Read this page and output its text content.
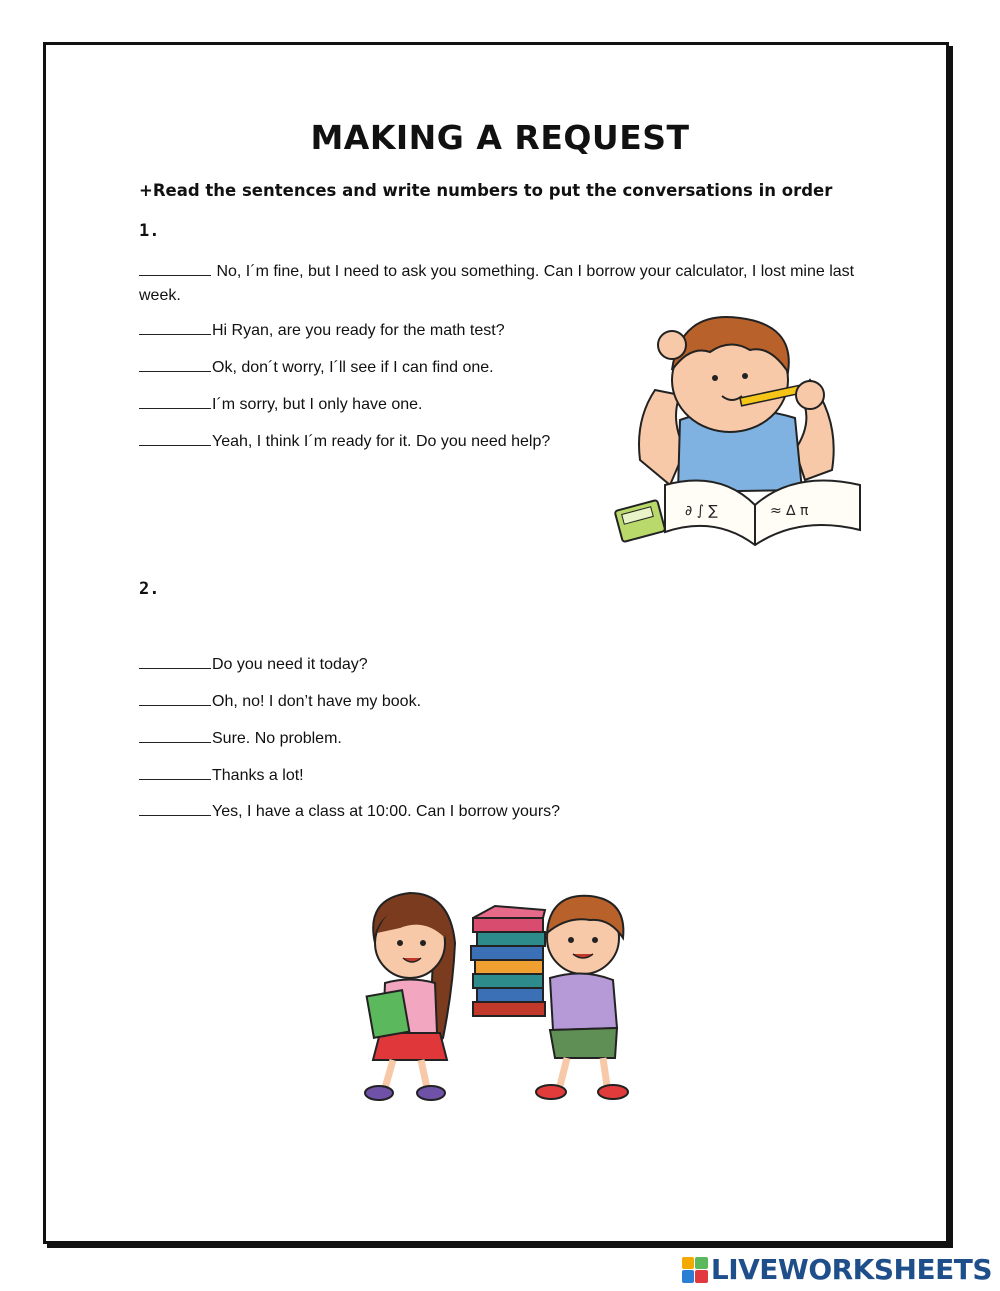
MAKING A REQUEST
+Read the sentences and write numbers to put the conversations in order
1.
No, I´m fine, but I need to ask you something. Can I borrow your calculator, I lost mine last week.
Hi Ryan, are you ready for the math test?
Ok, don´t worry, I´ll see if I can find one.
I´m sorry, but I only have one.
Yeah, I think I´m ready for it. Do you need help?
∂ ∫ ∑	≈ ∆ π
2.
Do you need it today?
Oh, no! I don’t have my book.
Sure. No problem.
Thanks a lot!
Yes, I have a class at 10:00. Can I borrow yours?
LIVEWORKSHEETS
